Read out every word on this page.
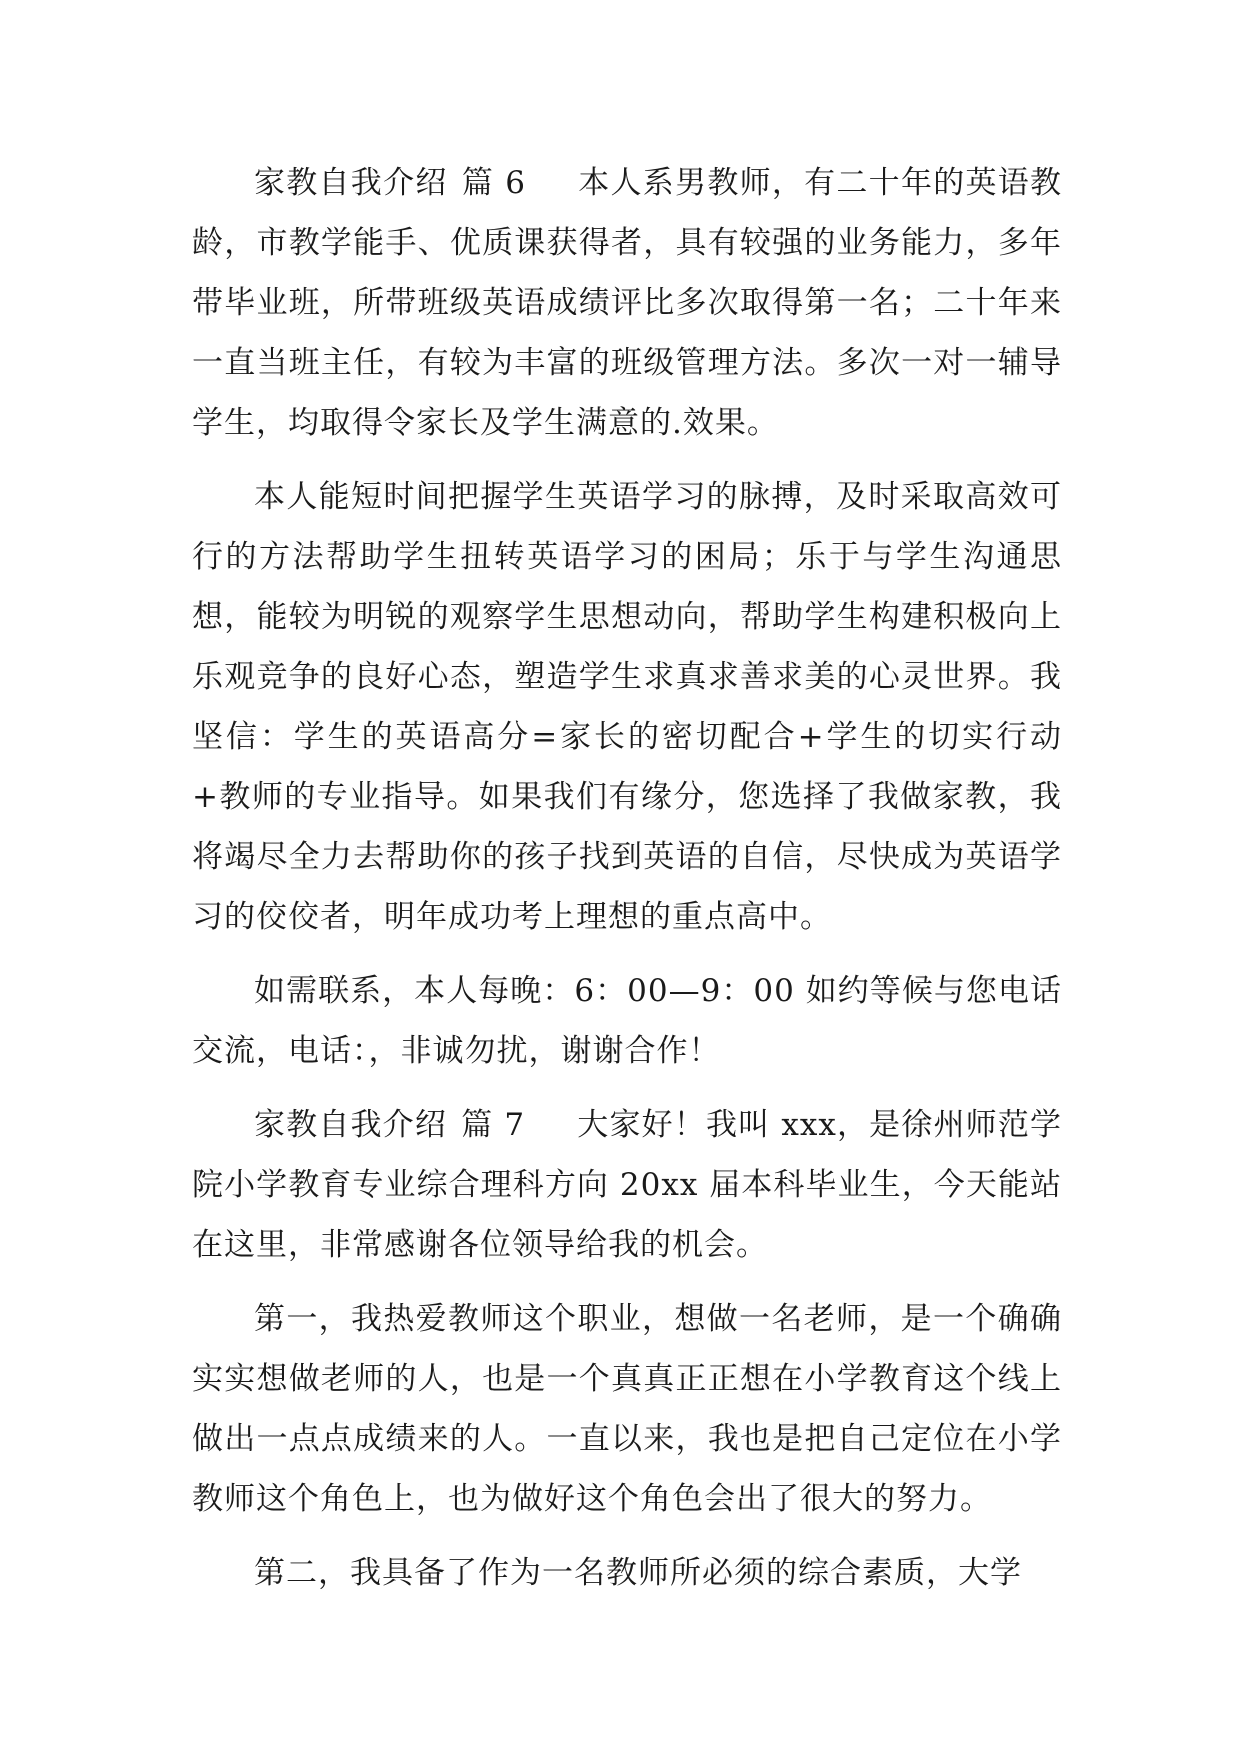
家教自我介绍 篇 6 本人系男教师，有二十年的英语教龄，市教学能手、优质课获得者，具有较强的业务能力，多年带毕业班，所带班级英语成绩评比多次取得第一名；二十年来一直当班主任，有较为丰富的班级管理方法。多次一对一辅导学生，均取得令家长及学生满意的.效果。

本人能短时间把握学生英语学习的脉搏，及时采取高效可行的方法帮助学生扭转英语学习的困局；乐于与学生沟通思想，能较为明锐的观察学生思想动向，帮助学生构建积极向上乐观竞争的良好心态，塑造学生求真求善求美的心灵世界。我坚信：学生的英语高分=家长的密切配合+学生的切实行动+教师的专业指导。如果我们有缘分，您选择了我做家教，我将竭尽全力去帮助你的孩子找到英语的自信，尽快成为英语学习的佼佼者，明年成功考上理想的重点高中。

如需联系，本人每晚：6：00—9：00 如约等候与您电话交流，电话：，非诚勿扰，谢谢合作！

家教自我介绍 篇 7 大家好！我叫 xxx，是徐州师范学院小学教育专业综合理科方向 20xx 届本科毕业生，今天能站在这里，非常感谢各位领导给我的机会。

第一，我热爱教师这个职业，想做一名老师，是一个确确实实想做老师的人，也是一个真真正正想在小学教育这个线上做出一点点成绩来的人。一直以来，我也是把自己定位在小学教师这个角色上，也为做好这个角色会出了很大的努力。

第二，我具备了作为一名教师所必须的综合素质，大学
